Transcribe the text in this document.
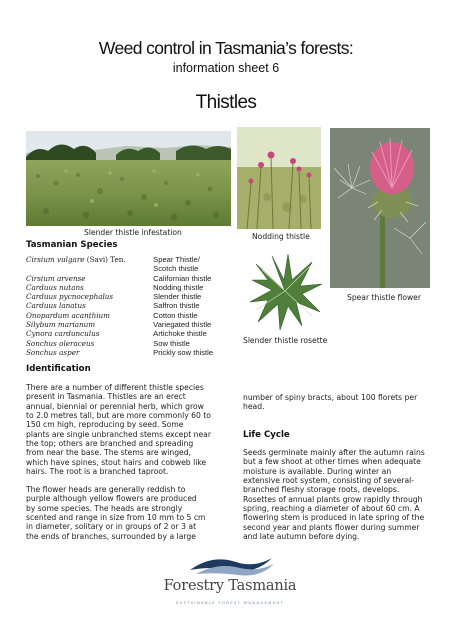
Weed control in Tasmania’s forests:
information sheet 6
Thistles
Slender thistle infestation	Nodding thistle
Spear thistle flower
Slender thistle rosette
Tasmanian Species
Cirsium vulgare (Savi) Ten.	Spear Thistle/
Scotch thistle
Cirsium arvense	Californian thistle
Carduus nutans	Nodding thistle
Carduus pycnocephalus	Slender thistle
Carduus lanatus	Saffron thistle
Onopardum acanthium	Cotton thistle
Silybum marianum	Variegated thistle
Cynora cardunculus	Artichoke thistle
Sonchus oleraceus	Sow thistle
Sonchus asper	Prickly sow thistle
Identification
There are a number of different thistle species
present in Tasmania. Thistles are an erect
annual, biennial or perennial herb, which grow
to 2.0 metres tall, but are more commonly 60 to
150 cm high, reproducing by seed. Some
plants are single unbranched stems except near
the top; others are branched and spreading
from near the base. The stems are winged,
which have spines, stout hairs and cobweb like
hairs. The root is a branched taproot.
The flower heads are generally reddish to
purple although yellow flowers are produced
by some species. The heads are strongly
scented and range in size from 10 mm to 5 cm
in diameter, solitary or in groups of 2 or 3 at
the ends of branches, surrounded by a large
number of spiny bracts, about 100 florets per
head.
Life Cycle
Seeds germinate mainly after the autumn rains
but a few shoot at other times when adequate
moisture is available. During winter an
extensive root system, consisting of several-
branched fleshy storage roots, develops.
Rosettes of annual plants grow rapidly through
spring, reaching a diameter of about 60 cm. A
flowering stem is produced in late spring of the
second year and plants flower during summer
and late autumn before dying.
Forestry Tasmania
SUSTAINABLE FOREST MANAGEMENT
